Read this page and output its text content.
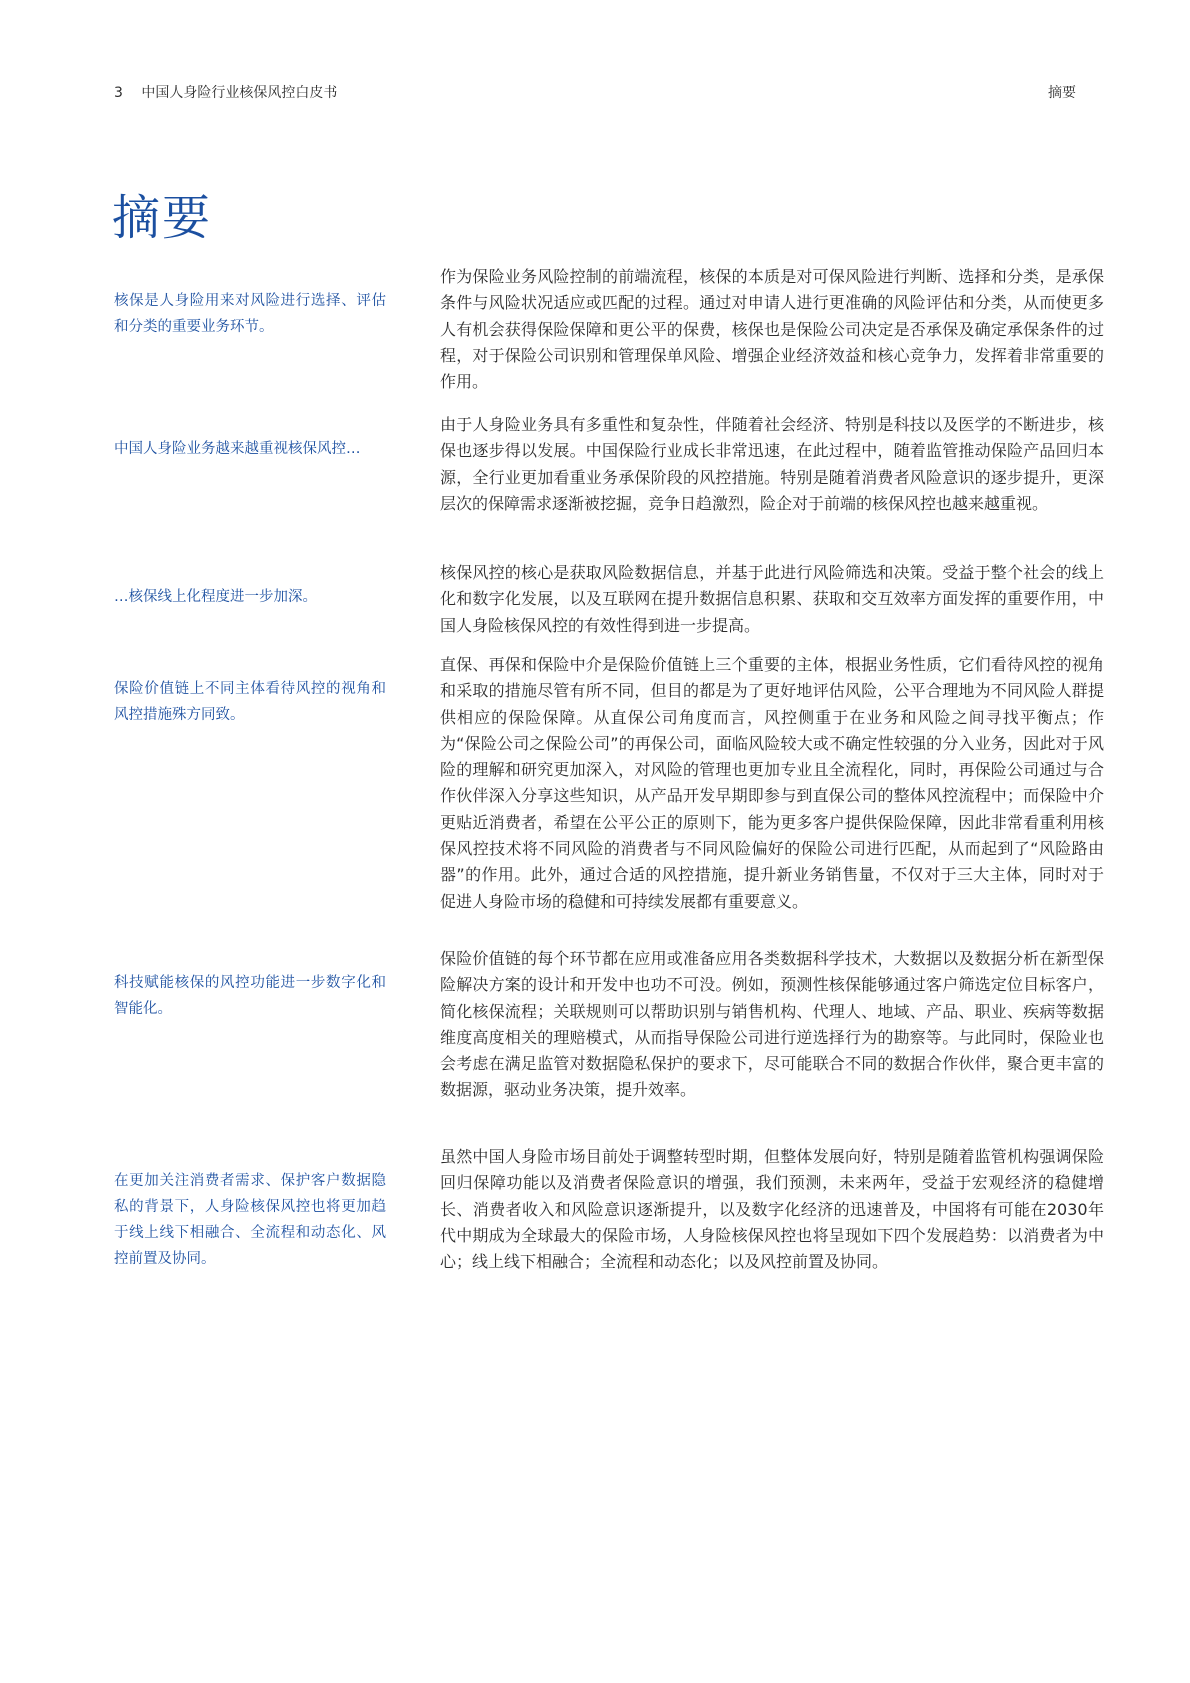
3 中国人身险行业核保风控白皮书	摘要
摘要
核保是人身险用来对风险进行选择、评估和分类的重要业务环节。

作为保险业务风险控制的前端流程，核保的本质是对可保风险进行判断、选择和分类，是承保条件与风险状况适应或匹配的过程。通过对申请人进行更准确的风险评估和分类，从而使更多人有机会获得保险保障和更公平的保费，核保也是保险公司决定是否承保及确定承保条件的过程，对于保险公司识别和管理保单风险、增强企业经济效益和核心竞争力，发挥着非常重要的作用。

中国人身险业务越来越重视核保风控…

由于人身险业务具有多重性和复杂性，伴随着社会经济、特别是科技以及医学的不断进步，核保也逐步得以发展。中国保险行业成长非常迅速，在此过程中，随着监管推动保险产品回归本源，全行业更加看重业务承保阶段的风控措施。特别是随着消费者风险意识的逐步提升，更深层次的保障需求逐渐被挖掘，竞争日趋激烈，险企对于前端的核保风控也越来越重视。

…核保线上化程度进一步加深。

核保风控的核心是获取风险数据信息，并基于此进行风险筛选和决策。受益于整个社会的线上化和数字化发展，以及互联网在提升数据信息积累、获取和交互效率方面发挥的重要作用，中国人身险核保风控的有效性得到进一步提高。

保险价值链上不同主体看待风控的视角和风控措施殊方同致。

直保、再保和保险中介是保险价值链上三个重要的主体，根据业务性质，它们看待风控的视角和采取的措施尽管有所不同，但目的都是为了更好地评估风险，公平合理地为不同风险人群提供相应的保险保障。从直保公司角度而言，风控侧重于在业务和风险之间寻找平衡点；作为“保险公司之保险公司”的再保公司，面临风险较大或不确定性较强的分入业务，因此对于风险的理解和研究更加深入，对风险的管理也更加专业且全流程化，同时，再保险公司通过与合作伙伴深入分享这些知识，从产品开发早期即参与到直保公司的整体风控流程中；而保险中介更贴近消费者，希望在公平公正的原则下，能为更多客户提供保险保障，因此非常看重利用核保风控技术将不同风险的消费者与不同风险偏好的保险公司进行匹配，从而起到了“风险路由器”的作用。此外，通过合适的风控措施，提升新业务销售量，不仅对于三大主体，同时对于促进人身险市场的稳健和可持续发展都有重要意义。

科技赋能核保的风控功能进一步数字化和智能化。

保险价值链的每个环节都在应用或准备应用各类数据科学技术，大数据以及数据分析在新型保险解决方案的设计和开发中也功不可没。例如，预测性核保能够通过客户筛选定位目标客户，简化核保流程；关联规则可以帮助识别与销售机构、代理人、地域、产品、职业、疾病等数据维度高度相关的理赔模式，从而指导保险公司进行逆选择行为的勘察等。与此同时，保险业也会考虑在满足监管对数据隐私保护的要求下，尽可能联合不同的数据合作伙伴，聚合更丰富的数据源，驱动业务决策，提升效率。

在更加关注消费者需求、保护客户数据隐私的背景下，人身险核保风控也将更加趋于线上线下相融合、全流程和动态化、风控前置及协同。

虽然中国人身险市场目前处于调整转型时期，但整体发展向好，特别是随着监管机构强调保险回归保障功能以及消费者保险意识的增强，我们预测，未来两年，受益于宏观经济的稳健增长、消费者收入和风险意识逐渐提升，以及数字化经济的迅速普及，中国将有可能在2030年代中期成为全球最大的保险市场，人身险核保风控也将呈现如下四个发展趋势：以消费者为中心；线上线下相融合；全流程和动态化；以及风控前置及协同。
